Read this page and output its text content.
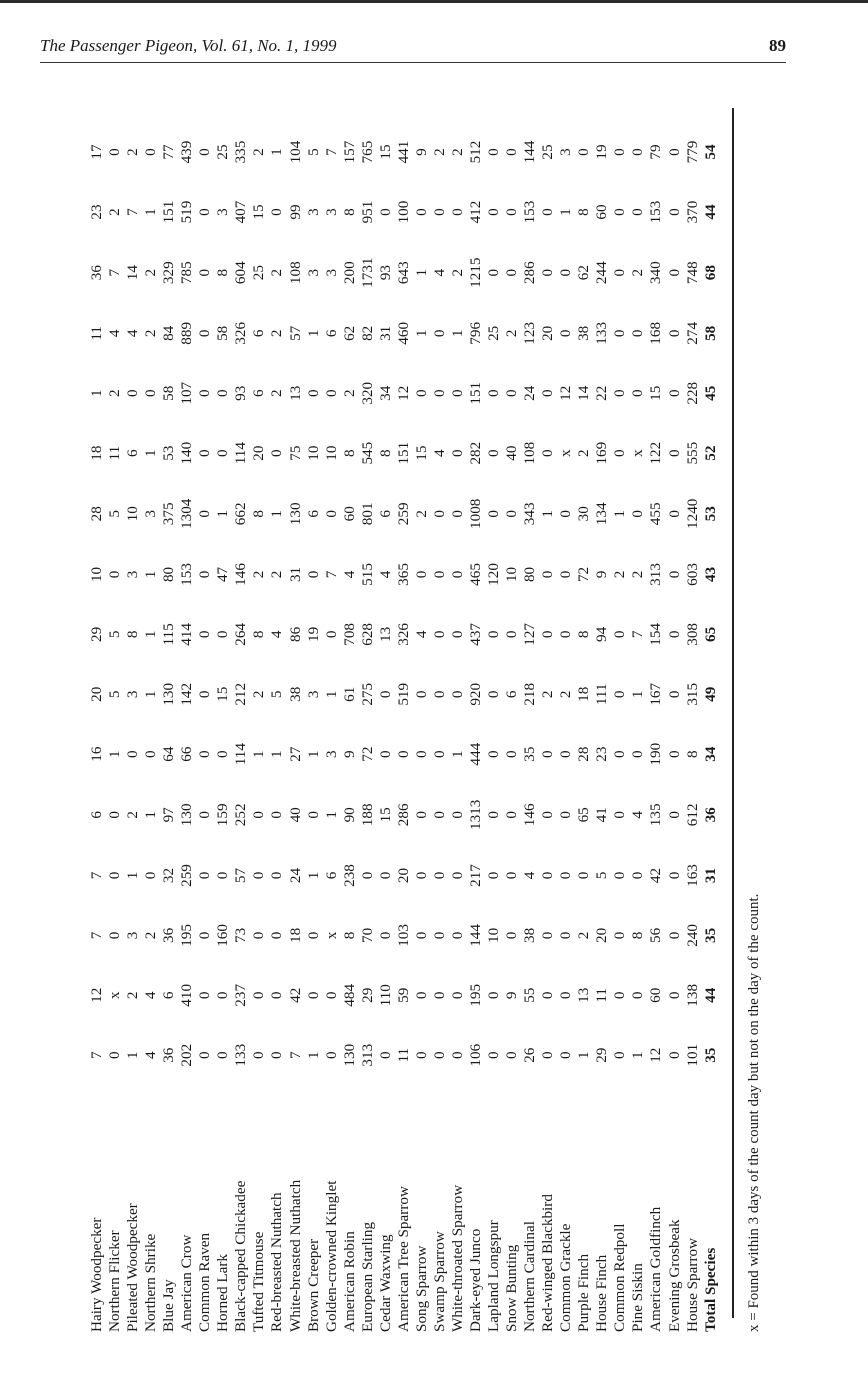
The Passenger Pigeon, Vol. 61, No. 1, 1999	89
Hairy Woodpecker	7	12	7	7	6	16	20	29	10	28	18	1	11	36	23	17
Northern Flicker	0	x	0	0	0	1	5	5	0	5	11	2	4	7	2	0
Pileated Woodpecker	1	2	3	1	2	0	3	8	3	10	6	0	4	14	7	2
Northern Shrike	4	4	2	0	1	0	1	1	1	3	1	0	2	2	1	0
Blue Jay	36	6	36	32	97	64	130	115	80	375	53	58	84	329	151	77
American Crow	202	410	195	259	130	66	142	414	153	1304	140	107	889	785	519	439
Common Raven	0	0	0	0	0	0	0	0	0	0	0	0	0	0	0	0
Horned Lark	0	0	160	0	159	0	15	0	47	1	0	0	58	8	3	25
Black-capped Chickadee	133	237	73	57	252	114	212	264	146	662	114	93	326	604	407	335
Tufted Titmouse	0	0	0	0	0	1	2	8	2	8	20	6	6	25	15	2
Red-breasted Nuthatch	0	0	0	0	0	1	5	4	2	1	0	2	2	2	0	1
White-breasted Nuthatch	7	42	18	24	40	27	38	86	31	130	75	13	57	108	99	104
Brown Creeper	1	0	0	1	0	1	3	19	0	6	10	0	1	3	3	5
Golden-crowned Kinglet	0	0	x	6	1	3	1	0	7	0	10	0	6	3	3	7
American Robin	130	484	8	238	90	9	61	708	4	60	8	2	62	200	8	157
European Starling	313	29	70	0	188	72	275	628	515	801	545	320	82	1731	951	765
Cedar Waxwing	0	110	0	0	15	0	0	13	4	6	8	34	31	93	0	15
American Tree Sparrow	11	59	103	20	286	0	519	326	365	259	151	12	460	643	100	441
Song Sparrow	0	0	0	0	0	0	0	4	0	2	15	0	1	1	0	9
Swamp Sparrow	0	0	0	0	0	0	0	0	0	0	4	0	0	4	0	2
White-throated Sparrow	0	0	0	0	0	1	0	0	0	0	0	0	1	2	0	2
Dark-eyed Junco	106	195	144	217	1313	444	920	437	465	1008	282	151	796	1215	412	512
Lapland Longspur	0	0	10	0	0	0	0	0	120	0	0	0	25	0	0	0
Snow Bunting	0	9	0	0	0	0	6	0	10	0	40	0	2	0	0	0
Northern Cardinal	26	55	38	4	146	35	218	127	80	343	108	24	123	286	153	144
Red-winged Blackbird	0	0	0	0	0	0	2	0	0	1	0	0	20	0	0	25
Common Grackle	0	0	0	0	0	0	2	0	0	0	x	12	0	0	1	3
Purple Finch	1	13	2	0	65	28	18	8	72	30	2	14	38	62	8	0
House Finch	29	11	20	5	41	23	111	94	9	134	169	22	133	244	60	19
Common Redpoll	0	0	0	0	0	0	0	0	2	1	0	0	0	0	0	0
Pine Siskin	1	0	8	0	4	0	1	7	2	0	x	0	0	2	0	0
American Goldfinch	12	60	56	42	135	190	167	154	313	455	122	15	168	340	153	79
Evening Grosbeak	0	0	0	0	0	0	0	0	0	0	0	0	0	0	0	0
House Sparrow	101	138	240	163	612	8	315	308	603	1240	555	228	274	748	370	779
Total Species	35	44	35	31	36	34	49	65	43	53	52	45	58	68	44	54
x = Found within 3 days of the count day but not on the day of the count.
